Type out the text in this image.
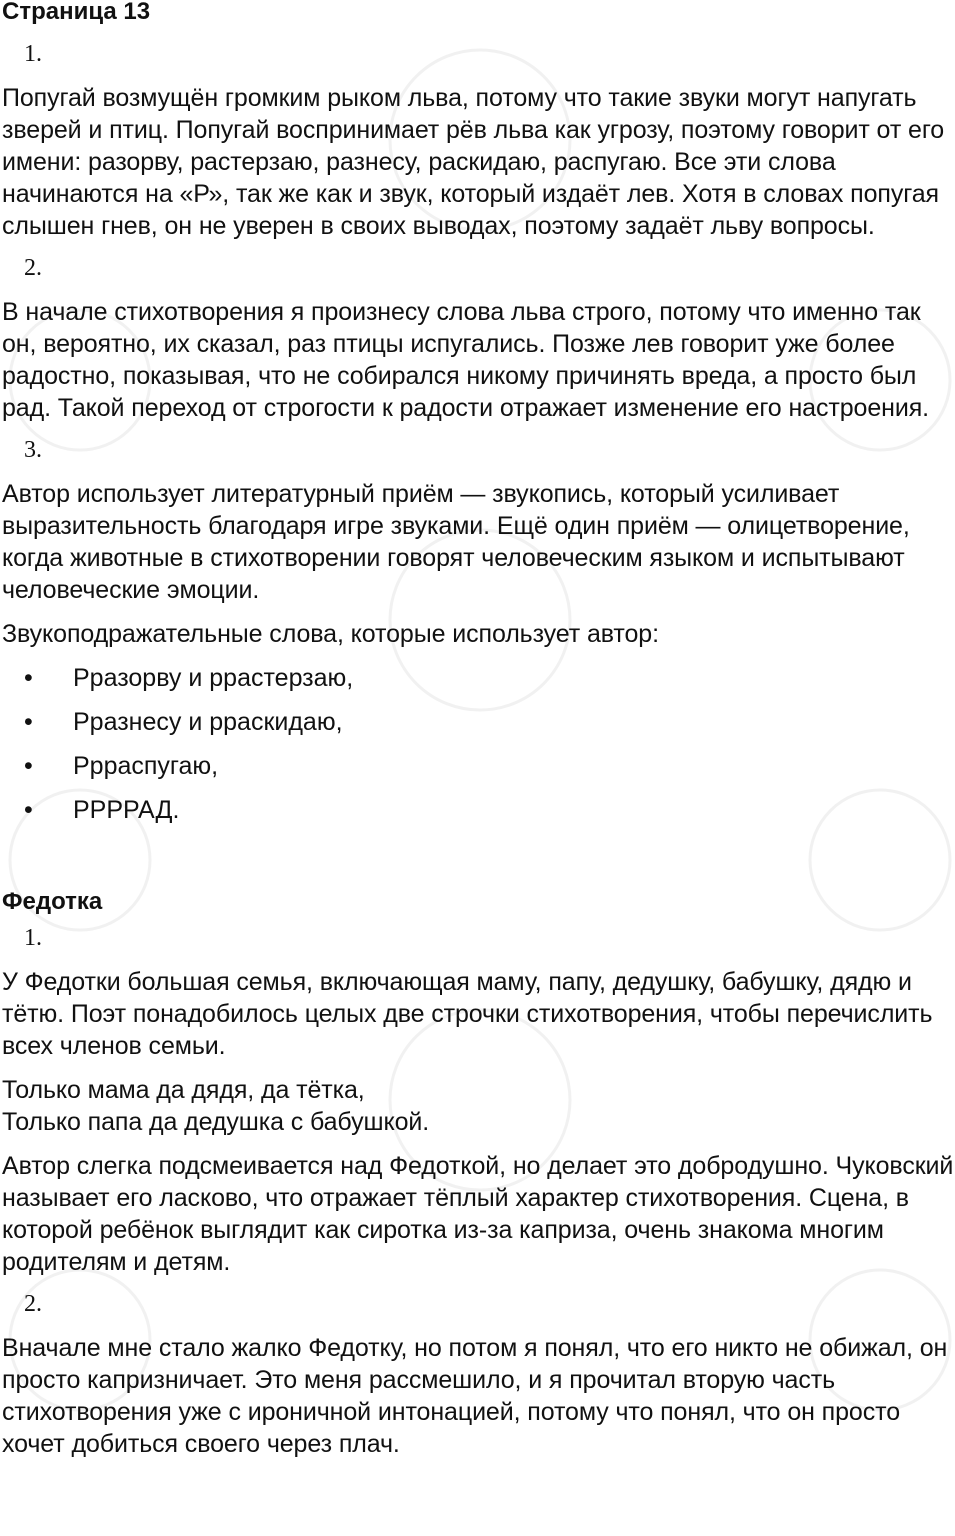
Страница 13
1.

Попугай возмущён громким рыком льва, потому что такие звуки могут напугать зверей и птиц. Попугай воспринимает рёв льва как угрозу, поэтому говорит от его имени: разорву, растерзаю, разнесу, раскидаю, распугаю. Все эти слова начинаются на «Р», так же как и звук, который издаёт лев. Хотя в словах попугая слышен гнев, он не уверен в своих выводах, поэтому задаёт льву вопросы.

2.

В начале стихотворения я произнесу слова льва строго, потому что именно так он, вероятно, их сказал, раз птицы испугались. Позже лев говорит уже более радостно, показывая, что не собирался никому причинять вреда, а просто был рад. Такой переход от строгости к радости отражает изменение его настроения.

3.

Автор использует литературный приём — звукопись, который усиливает выразительность благодаря игре звуками. Ещё один приём — олицетворение, когда животные в стихотворении говорят человеческим языком и испытывают человеческие эмоции.

Звукоподражательные слова, которые использует автор:

•	Рразорву и ррастерзаю,
•	Рразнесу и рраскидаю,
•	Ррраспугаю,
•	РРРРАД.
Федотка
1.

У Федотки большая семья, включающая маму, папу, дедушку, бабушку, дядю и тётю. Поэт понадобилось целых две строчки стихотворения, чтобы перечислить всех членов семьи.

Только мама да дядя, да тётка,
Только папа да дедушка с бабушкой.

Автор слегка подсмеивается над Федоткой, но делает это добродушно. Чуковский называет его ласково, что отражает тёплый характер стихотворения. Сцена, в которой ребёнок выглядит как сиротка из-за каприза, очень знакома многим родителям и детям.

2.

Вначале мне стало жалко Федотку, но потом я понял, что его никто не обижал, он просто капризничает. Это меня рассмешило, и я прочитал вторую часть стихотворения уже с ироничной интонацией, потому что понял, что он просто хочет добиться своего через плач.
